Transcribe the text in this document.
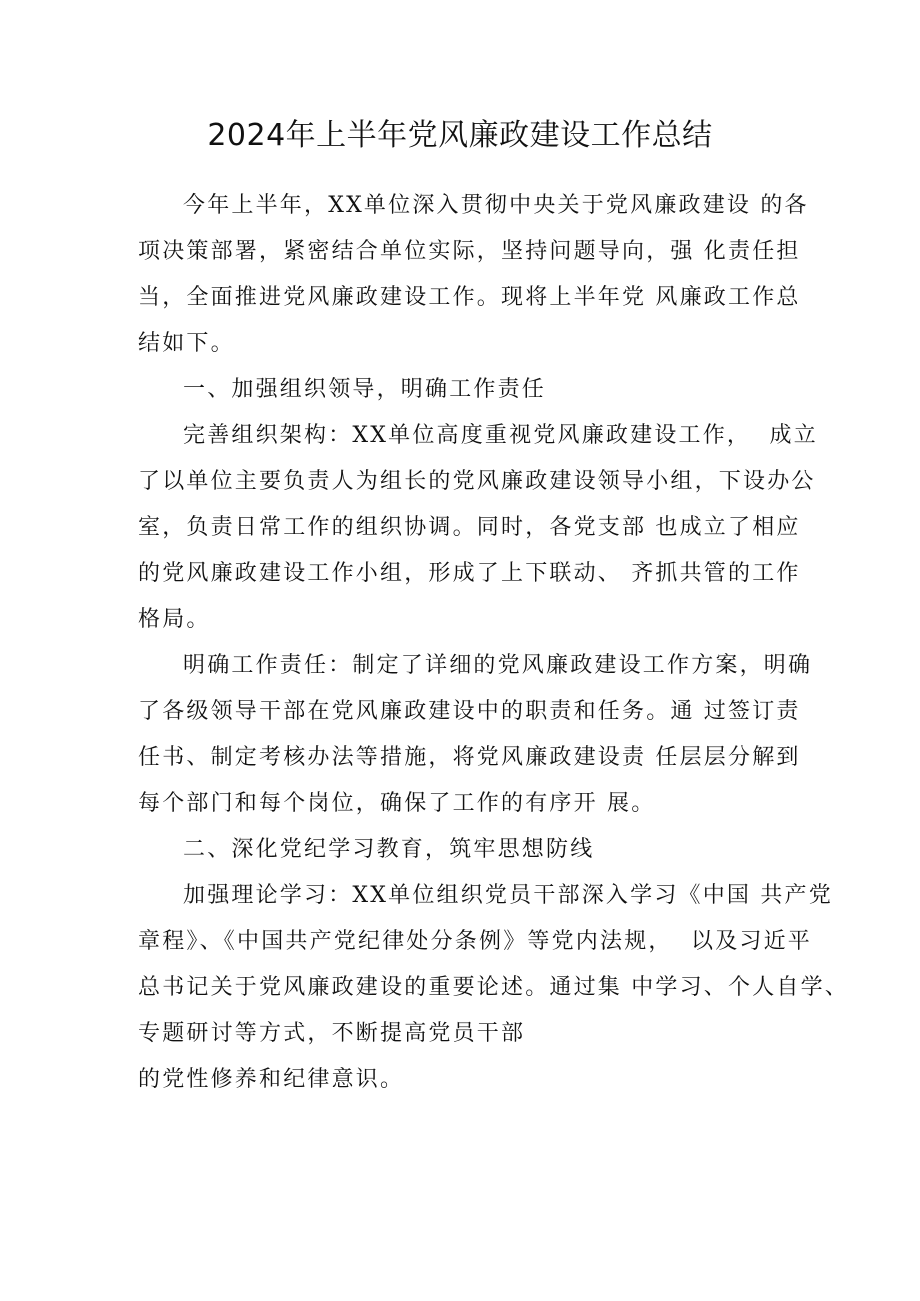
2024年上半年党风廉政建设工作总结
今年上半年，XX单位深入贯彻中央关于党风廉政建设 的各
项决策部署，紧密结合单位实际，坚持问题导向，强 化责任担
当，全面推进党风廉政建设工作。现将上半年党 风廉政工作总
结如下。
一、加强组织领导，明确工作责任
完善组织架构：XX单位高度重视党风廉政建设工作，  成立
了以单位主要负责人为组长的党风廉政建设领导小组，下设办公
室，负责日常工作的组织协调。同时，各党支部 也成立了相应
的党风廉政建设工作小组，形成了上下联动、 齐抓共管的工作
格局。
明确工作责任：制定了详细的党风廉政建设工作方案，明确
了各级领导干部在党风廉政建设中的职责和任务。通 过签订责
任书、制定考核办法等措施，将党风廉政建设责 任层层分解到
每个部门和每个岗位，确保了工作的有序开 展。
二、深化党纪学习教育，筑牢思想防线
加强理论学习：XX单位组织党员干部深入学习《中国 共产党
章程》、《中国共产党纪律处分条例》等党内法规，  以及习近平
总书记关于党风廉政建设的重要论述。通过集 中学习、个人自学、
专题研讨等方式，不断提高党员干部
的党性修养和纪律意识。
